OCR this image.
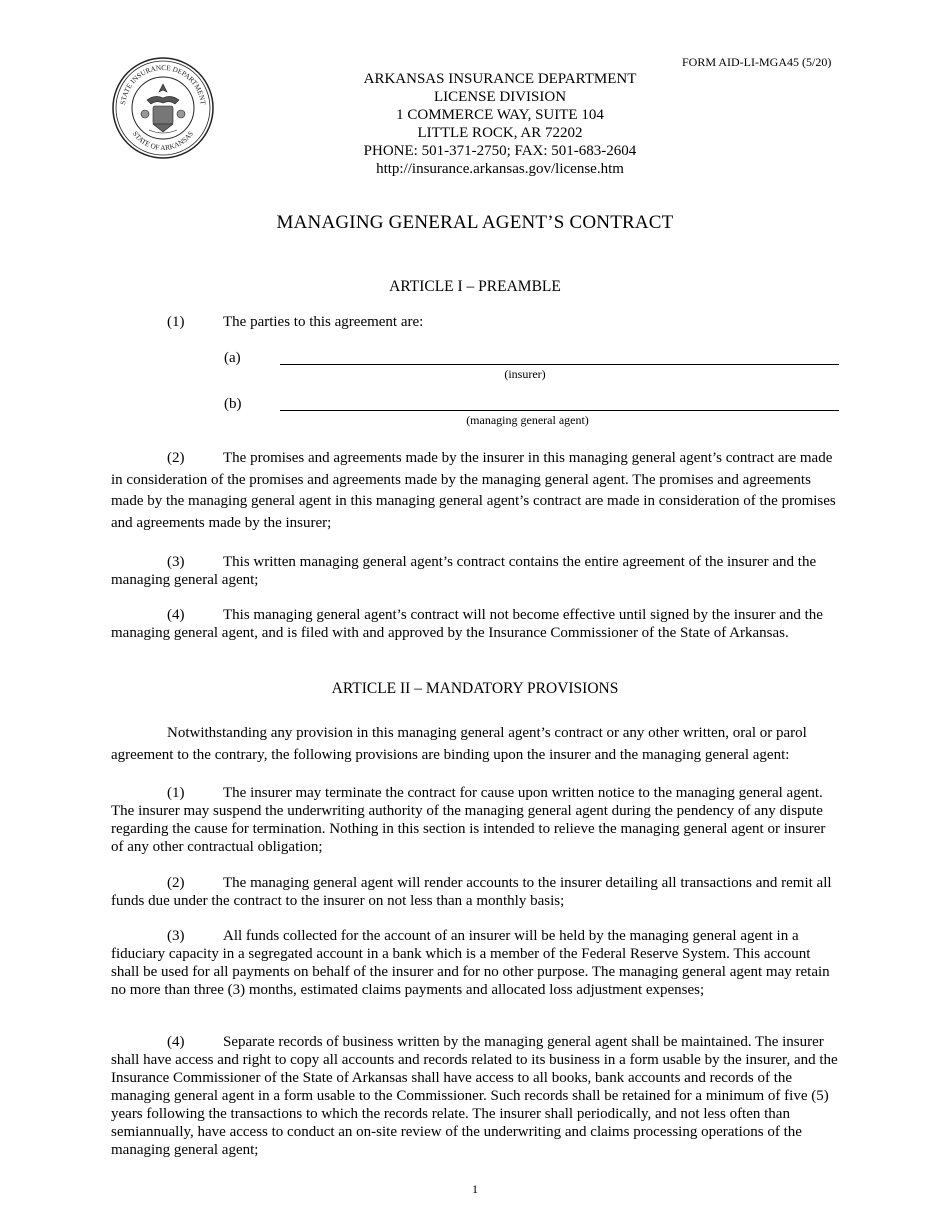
FORM AID-LI-MGA45 (5/20)
STATE INSURANCE DEPARTMENT
STATE OF ARKANSAS
ARKANSAS INSURANCE DEPARTMENT
LICENSE DIVISION
1 COMMERCE WAY, SUITE 104
LITTLE ROCK, AR 72202
PHONE: 501-371-2750; FAX: 501-683-2604
http://insurance.arkansas.gov/license.htm
MANAGING GENERAL AGENT’S CONTRACT
ARTICLE I – PREAMBLE
(1)	The parties to this agreement are:
(a)
(insurer)
(b)
(managing general agent)
(2)	The promises and agreements made by the insurer in this managing general agent’s contract are made in consideration of the promises and agreements made by the managing general agent. The promises and agreements made by the managing general agent in this managing general agent’s contract are made in consideration of the promises and agreements made by the insurer;
(3)	This written managing general agent’s contract contains the entire agreement of the insurer and the managing general agent;
(4)	This managing general agent’s contract will not become effective until signed by the insurer and the managing general agent, and is filed with and approved by the Insurance Commissioner of the State of Arkansas.
ARTICLE II – MANDATORY PROVISIONS
Notwithstanding any provision in this managing general agent’s contract or any other written, oral or parol agreement to the contrary, the following provisions are binding upon the insurer and the managing general agent:
(1)	The insurer may terminate the contract for cause upon written notice to the managing general agent. The insurer may suspend the underwriting authority of the managing general agent during the pendency of any dispute regarding the cause for termination. Nothing in this section is intended to relieve the managing general agent or insurer of any other contractual obligation;
(2)	The managing general agent will render accounts to the insurer detailing all transactions and remit all funds due under the contract to the insurer on not less than a monthly basis;
(3)	All funds collected for the account of an insurer will be held by the managing general agent in a fiduciary capacity in a segregated account in a bank which is a member of the Federal Reserve System. This account shall be used for all payments on behalf of the insurer and for no other purpose. The managing general agent may retain no more than three (3) months, estimated claims payments and allocated loss adjustment expenses;
(4)	Separate records of business written by the managing general agent shall be maintained. The insurer shall have access and right to copy all accounts and records related to its business in a form usable by the insurer, and the Insurance Commissioner of the State of Arkansas shall have access to all books, bank accounts and records of the managing general agent in a form usable to the Commissioner. Such records shall be retained for a minimum of five (5) years following the transactions to which the records relate. The insurer shall periodically, and not less often than semiannually, have access to conduct an on-site review of the underwriting and claims processing operations of the managing general agent;
1
